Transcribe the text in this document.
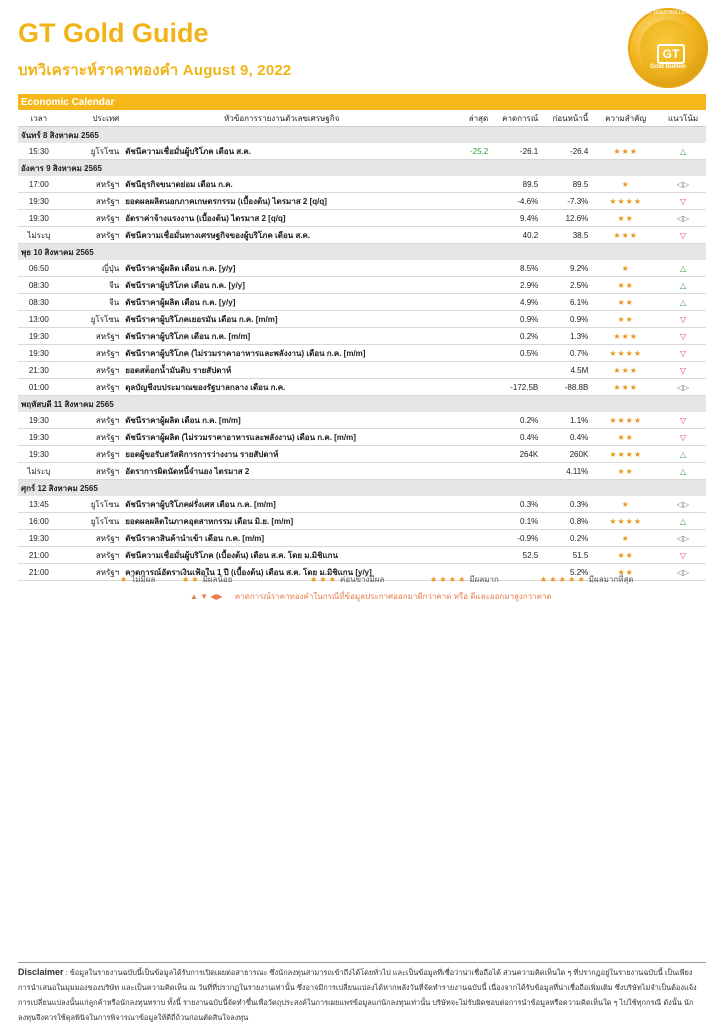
GT Gold Guide
บทวิเคราะห์ราคาทองคำ August 9, 2022
GT GOLD BULLION
GT
Gold Bullion
Economic Calendar							
เวลา	ประเทศ	หัวข้อการรายงานตัวเลขเศรษฐกิจ	ล่าสุด	คาดการณ์	ก่อนหน้านี้	ความสำคัญ	แนวโน้ม
จันทร์ 8 สิงหาคม 2565							
15:30	ยูโรโซน	ดัชนีความเชื่อมั่นผู้บริโภค เดือน ส.ค.	-25.2	-26.1	-26.4	★★★	△
อังคาร 9 สิงหาคม 2565							
17:00	สหรัฐฯ	ดัชนีธุรกิจขนาดย่อม เดือน ก.ค.		89.5	89.5	★	◁▷
19:30	สหรัฐฯ	ยอดผลผลิตนอกภาคเกษตรกรรม (เบื้องต้น) ไตรมาส 2 [q/q]		-4.6%	-7.3%	★★★★	▽
19:30	สหรัฐฯ	อัตราค่าจ้างแรงงาน (เบื้องต้น) ไตรมาส 2 [q/q]		9.4%	12.6%	★★	◁▷
ไม่ระบุ	สหรัฐฯ	ดัชนีความเชื่อมั่นทางเศรษฐกิจของผู้บริโภค เดือน ส.ค.		40.2	38.5	★★★	▽
พุธ 10 สิงหาคม 2565							
06:50	ญี่ปุ่น	ดัชนีราคาผู้ผลิต เดือน ก.ค. [y/y]		8.5%	9.2%	★	△
08:30	จีน	ดัชนีราคาผู้บริโภค เดือน ก.ค. [y/y]		2.9%	2.5%	★★	△
08:30	จีน	ดัชนีราคาผู้ผลิต เดือน ก.ค. [y/y]		4.9%	6.1%	★★	△
13:00	ยูโรโซน	ดัชนีราคาผู้บริโภคเยอรมัน เดือน ก.ค. [m/m]		0.9%	0.9%	★★	▽
19:30	สหรัฐฯ	ดัชนีราคาผู้บริโภค เดือน ก.ค. [m/m]		0.2%	1.3%	★★★	▽
19:30	สหรัฐฯ	ดัชนีราคาผู้บริโภค (ไม่รวมราคาอาหารและพลังงาน) เดือน ก.ค. [m/m]		0.5%	0.7%	★★★★	▽
21:30	สหรัฐฯ	ยอดสต็อกน้ำมันดิบ รายสัปดาห์			4.5M	★★★	▽
01:00	สหรัฐฯ	ดุลบัญชีงบประมาณของรัฐบาลกลาง เดือน ก.ค.		-172.5B	-88.8B	★★★	◁▷
พฤหัสบดี 11 สิงหาคม 2565							
19:30	สหรัฐฯ	ดัชนีราคาผู้ผลิต เดือน ก.ค. [m/m]		0.2%	1.1%	★★★★	▽
19:30	สหรัฐฯ	ดัชนีราคาผู้ผลิต (ไม่รวมราคาอาหารและพลังงาน) เดือน ก.ค. [m/m]		0.4%	0.4%	★★	▽
19:30	สหรัฐฯ	ยอดผู้ขอรับสวัสดิการการว่างงาน รายสัปดาห์		264K	260K	★★★★	△
ไม่ระบุ	สหรัฐฯ	อัตราการผิดนัดหนี้จำนอง ไตรมาส 2			4.11%	★★	△
ศุกร์ 12 สิงหาคม 2565							
13:45	ยูโรโซน	ดัชนีราคาผู้บริโภคฝรั่งเศส เดือน ก.ค. [m/m]		0.3%	0.3%	★	◁▷
16:00	ยูโรโซน	ยอดผลผลิตในภาคอุตสาหกรรม เดือน มิ.ย. [m/m]		0.1%	0.8%	★★★★	△
19:30	สหรัฐฯ	ดัชนีราคาสินค้านำเข้า เดือน ก.ค. [m/m]		-0.9%	0.2%	★	◁▷
21:00	สหรัฐฯ	ดัชนีความเชื่อมั่นผู้บริโภค (เบื้องต้น) เดือน ส.ค. โดย ม.มิชิแกน		52.5	51.5	★★	▽
21:00	สหรัฐฯ	คาดการณ์อัตราเงินเฟ้อใน 1 ปี (เบื้องต้น) เดือน ส.ค. โดย ม.มิชิแกน [y/y]			5.2%	★★	◁▷
★ ไม่มีผล	★ ★ มีผลน้อย	★ ★ ★ ค่อนข้างมีผล	★ ★ ★ ★ มีผลมาก	★ ★ ★ ★ ★ มีผลมากที่สุด
▲ ▼ ◀▶ คาดการณ์ราคาทองคำในกรณีที่ข้อมูลประกาศออกมาดีกว่าคาด หรือ ดีและออกมาสูงกว่าคาด
Disclaimer : ข้อมูลในรายงานฉบับนี้เป็นข้อมูลได้รับการเปิดเผยต่อสาธารณะ ซึ่งนักลงทุนสามารถเข้าถึงได้โดยทั่วไป และเป็นข้อมูลที่เชื่อว่าน่าเชื่อถือได้ ส่วนความคิดเห็นใด ๆ ที่ปรากฏอยู่ในรายงานฉบับนี้ เป็นเพียงการนำเสนอในมุมมองของบริษัท และเป็นความคิดเห็น ณ วันที่ที่ปรากฏในรายงานเท่านั้น ซึ่งอาจมีการเปลี่ยนแปลงได้หากพลังวันที่จัดทำรายงานฉบับนี้ เนื่องจากได้รับข้อมูลที่น่าเชื่อถือเพิ่มเติม ซึ่งบริษัทไม่จำเป็นต้องแจ้งการเปลี่ยนแปลงนั้นแก่ลูกค้าหรือนักลงทุนทราบ ทั้งนี้ รายงานฉบับนี้จัดทำขึ้นเพื่อวัตถุประสงค์ในการเผยแพร่ข้อมูลแก่นักลงทุนเท่านั้น บริษัทจะไม่รับผิดชอบต่อการนำข้อมูลหรือความคิดเห็นใด ๆ ไปใช้ทุกกรณี ดังนั้น นักลงทุนจึงควรใช้ดุลพินิจในการพิจารณาข้อมูลให้ดีถี่ถ้วนก่อนตัดสินใจลงทุน
